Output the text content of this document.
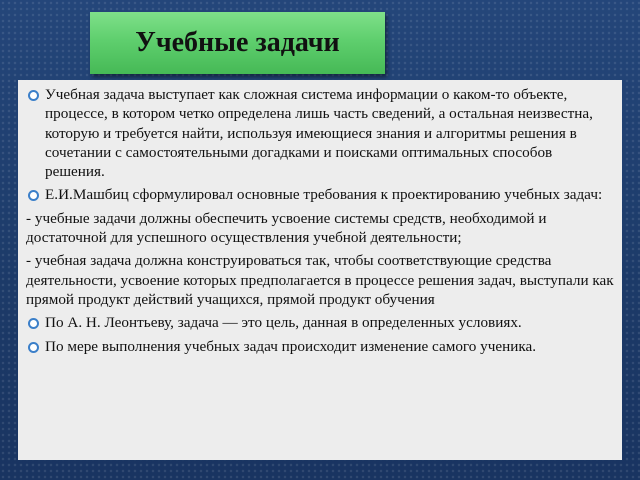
Учебные задачи
Учебная задача выступает как сложная система информации о каком-то объекте, процессе, в котором четко определена лишь часть сведений, а остальная неизвестна, которую и требуется найти, используя имеющиеся знания и алгоритмы решения в сочетании с самостоятельными догадками и поисками оптимальных способов решения.
Е.И.Машбиц сформулировал основные требования к проектированию учебных задач:
- учебные задачи должны обеспечить усвоение системы средств, необходимой и достаточной для успешного осуществления учебной деятельности;
- учебная задача должна конструироваться так, чтобы соответствующие средства деятельности, усвоение которых предполагается в процессе решения задач, выступали как прямой продукт действий учащихся, прямой продукт обучения
По А. Н. Леонтьеву, задача — это цель, данная в определенных условиях.
По мере выполнения учебных задач происходит изменение самого ученика.
